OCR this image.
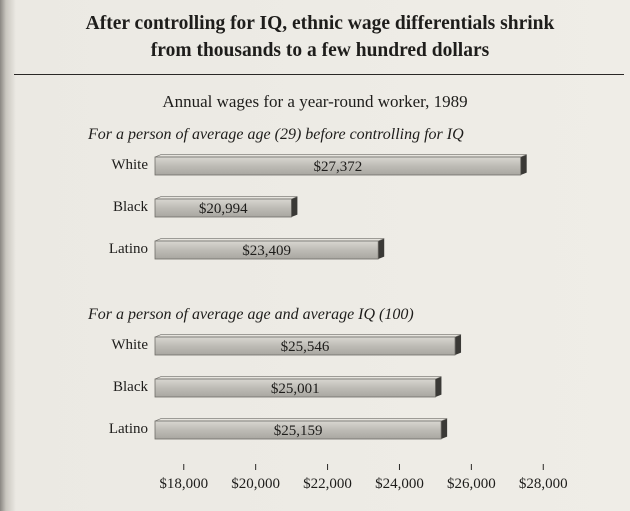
After controlling for IQ, ethnic wage differentials shrink
from thousands to a few hundred dollars
Annual wages for a year-round worker, 1989
For a person of average age (29) before controlling for IQ
For a person of average age and average IQ (100)
White	$27,372
Black	$20,994
Latino	$23,409
White	$25,546
Black	$25,001
Latino	$25,159
$18,000 $20,000 $22,000 $24,000 $26,000 $28,000
